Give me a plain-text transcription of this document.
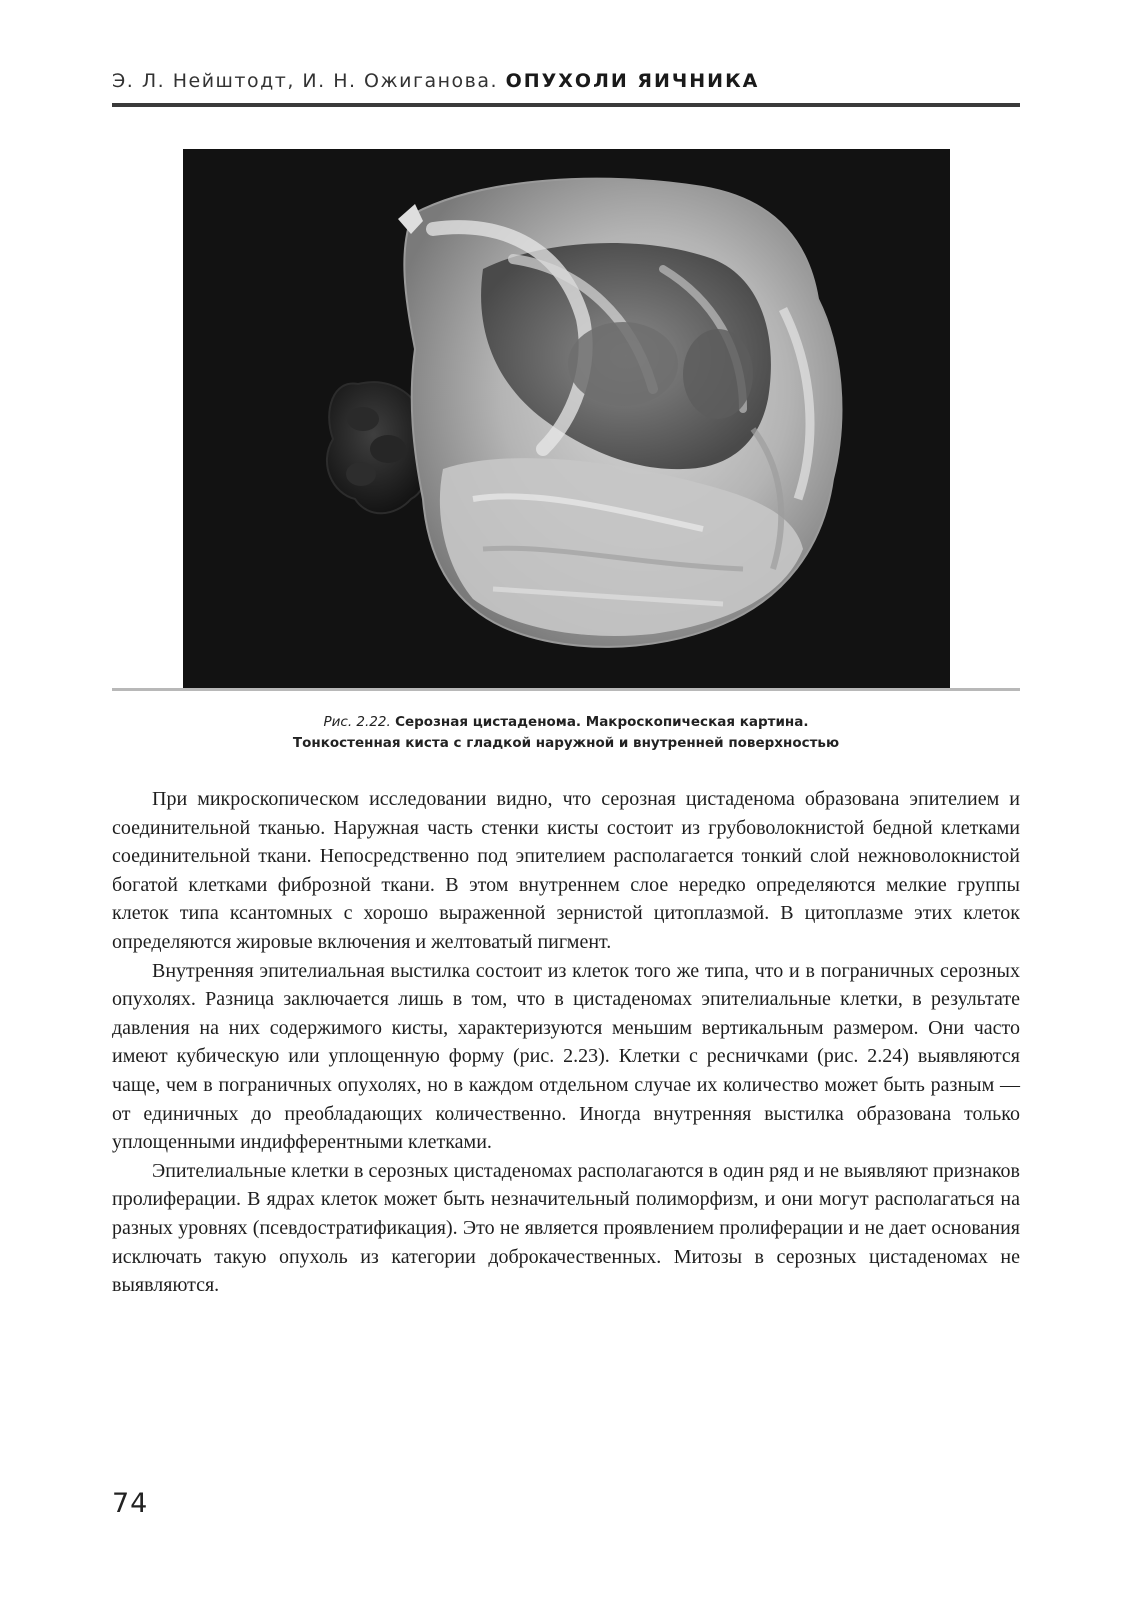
Э. Л. Нейштодт, И. Н. Ожиганова. ОПУХОЛИ ЯИЧНИКА
Рис. 2.22. Серозная цистаденома. Макроскопическая картина.
Тонкостенная киста с гладкой наружной и внутренней поверхностью

При микроскопическом исследовании видно, что серозная цистаденома образована эпителием и соединительной тканью. Наружная часть стенки кисты состоит из грубоволокнистой бедной клетками соединительной ткани. Непосредственно под эпителием располагается тонкий слой нежноволокнистой богатой клетками фиброзной ткани. В этом внутреннем слое нередко определяются мелкие группы клеток типа ксантомных с хорошо выраженной зернистой цитоплазмой. В цитоплазме этих клеток определяются жировые включения и желтоватый пигмент.

Внутренняя эпителиальная выстилка состоит из клеток того же типа, что и в пограничных серозных опухолях. Разница заключается лишь в том, что в цистаденомах эпителиальные клетки, в результате давления на них содержимого кисты, характеризуются меньшим вертикальным размером. Они часто имеют кубическую или уплощенную форму (рис. 2.23). Клетки с ресничками (рис. 2.24) выявляются чаще, чем в пограничных опухолях, но в каждом отдельном случае их количество может быть разным — от единичных до преобладающих количественно. Иногда внутренняя выстилка образована только уплощенными индифферентными клетками.

Эпителиальные клетки в серозных цистаденомах располагаются в один ряд и не выявляют признаков пролиферации. В ядрах клеток может быть незначительный полиморфизм, и они могут располагаться на разных уровнях (псевдостратификация). Это не является проявлением пролиферации и не дает основания исключать такую опухоль из категории доброкачественных. Митозы в серозных цистаденомах не выявляются.

74
